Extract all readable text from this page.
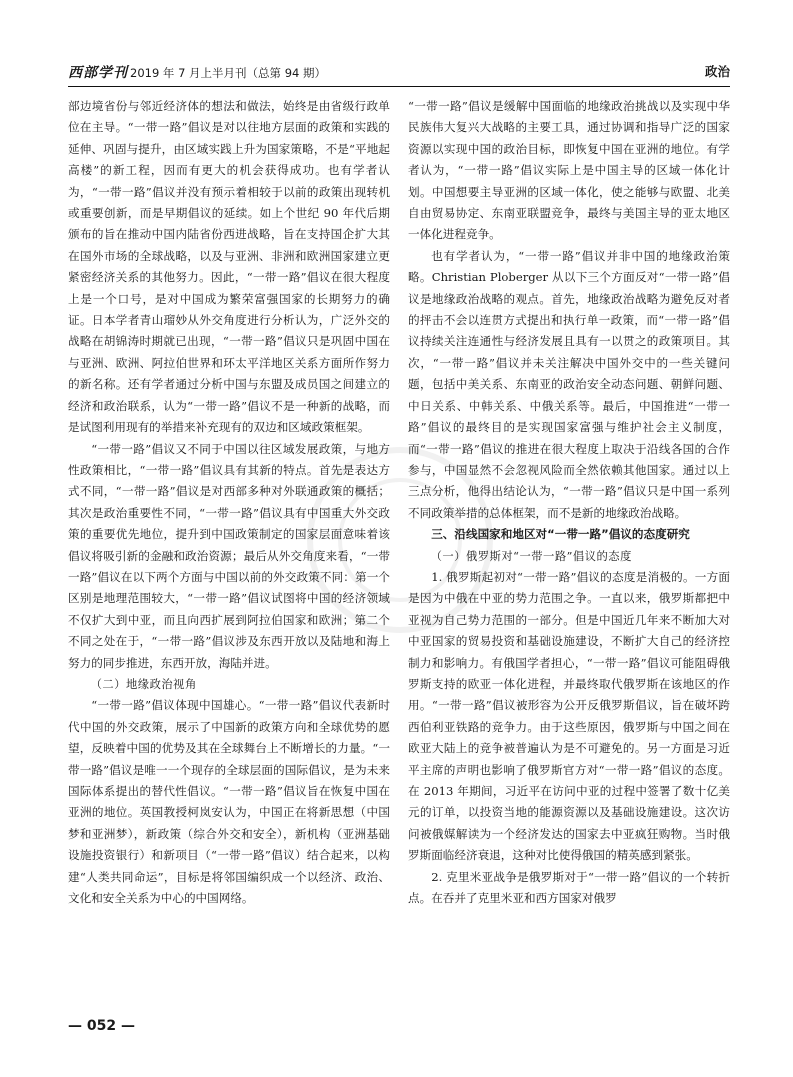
西部学刊 2019 年 7 月上半月刊（总第 94 期）	政治

部边境省份与邻近经济体的想法和做法，始终是由省级行政单位在主导。“一带一路”倡议是对以往地方层面的政策和实践的延伸、巩固与提升，由区域实践上升为国家策略，不是“平地起高楼”的新工程，因而有更大的机会获得成功。也有学者认为，“一带一路”倡议并没有预示着相较于以前的政策出现转机或重要创新，而是早期倡议的延续。如上个世纪 90 年代后期颁布的旨在推动中国内陆省份西进战略，旨在支持国企扩大其在国外市场的全球战略，以及与亚洲、非洲和欧洲国家建立更紧密经济关系的其他努力。因此，“一带一路”倡议在很大程度上是一个口号，是对中国成为繁荣富强国家的长期努力的确证。日本学者青山瑠妙从外交角度进行分析认为，广泛外交的战略在胡锦涛时期就已出现，“一带一路”倡议只是巩固中国在与亚洲、欧洲、阿拉伯世界和环太平洋地区关系方面所作努力的新名称。还有学者通过分析中国与东盟及成员国之间建立的经济和政治联系，认为“一带一路”倡议不是一种新的战略，而是试图利用现有的举措来补充现有的双边和区域政策框架。

“一带一路”倡议又不同于中国以往区域发展政策，与地方性政策相比，“一带一路”倡议具有其新的特点。首先是表达方式不同，“一带一路”倡议是对西部多种对外联通政策的概括；其次是政治重要性不同，“一带一路”倡议具有中国重大外交政策的重要优先地位，提升到中国政策制定的国家层面意味着该倡议将吸引新的金融和政治资源；最后从外交角度来看，“一带一路”倡议在以下两个方面与中国以前的外交政策不同：第一个区别是地理范围较大，“一带一路”倡议试图将中国的经济领域不仅扩大到中亚，而且向西扩展到阿拉伯国家和欧洲；第二个不同之处在于，“一带一路”倡议涉及东西开放以及陆地和海上努力的同步推进，东西开放，海陆并进。

（二）地缘政治视角

“一带一路”倡议体现中国雄心。“一带一路”倡议代表新时代中国的外交政策，展示了中国新的政策方向和全球优势的愿望，反映着中国的优势及其在全球舞台上不断增长的力量。“一带一路”倡议是唯一一个现存的全球层面的国际倡议，是为未来国际体系提出的替代性倡议。“一带一路”倡议旨在恢复中国在亚洲的地位。英国教授柯岚安认为，中国正在将新思想（中国梦和亚洲梦），新政策（综合外交和安全），新机构（亚洲基础设施投资银行）和新项目（“一带一路”倡议）结合起来，以构建“人类共同命运”，目标是将邻国编织成一个以经济、政治、文化和安全关系为中心的中国网络。

“一带一路”倡议是缓解中国面临的地缘政治挑战以及实现中华民族伟大复兴大战略的主要工具，通过协调和指导广泛的国家资源以实现中国的政治目标，即恢复中国在亚洲的地位。有学者认为，“一带一路”倡议实际上是中国主导的区域一体化计划。中国想要主导亚洲的区域一体化，使之能够与欧盟、北美自由贸易协定、东南亚联盟竞争，最终与美国主导的亚太地区一体化进程竞争。

也有学者认为，“一带一路”倡议并非中国的地缘政治策略。Christian Ploberger 从以下三个方面反对“一带一路”倡议是地缘政治战略的观点。首先，地缘政治战略为避免反对者的抨击不会以连贯方式提出和执行单一政策，而“一带一路”倡议持续关注连通性与经济发展且具有一以贯之的政策项目。其次，“一带一路”倡议并未关注解决中国外交中的一些关键问题，包括中美关系、东南亚的政治安全动态问题、朝鲜问题、中日关系、中韩关系、中俄关系等。最后，中国推进“一带一路”倡议的最终目的是实现国家富强与维护社会主义制度，而“一带一路”倡议的推进在很大程度上取决于沿线各国的合作参与，中国显然不会忽视风险而全然依赖其他国家。通过以上三点分析，他得出结论认为，“一带一路”倡议只是中国一系列不同政策举措的总体框架，而不是新的地缘政治战略。

三、沿线国家和地区对“一带一路”倡议的态度研究

（一）俄罗斯对“一带一路”倡议的态度

1. 俄罗斯起初对“一带一路”倡议的态度是消极的。一方面是因为中俄在中亚的势力范围之争。一直以来，俄罗斯都把中亚视为自己势力范围的一部分。但是中国近几年来不断加大对中亚国家的贸易投资和基础设施建设，不断扩大自己的经济控制力和影响力。有俄国学者担心，“一带一路”倡议可能阻碍俄罗斯支持的欧亚一体化进程，并最终取代俄罗斯在该地区的作用。“一带一路”倡议被形容为公开反俄罗斯倡议，旨在破坏跨西伯利亚铁路的竞争力。由于这些原因，俄罗斯与中国之间在欧亚大陆上的竞争被普遍认为是不可避免的。另一方面是习近平主席的声明也影响了俄罗斯官方对“一带一路”倡议的态度。在 2013 年期间，习近平在访问中亚的过程中签署了数十亿美元的订单，以投资当地的能源资源以及基础设施建设。这次访问被俄媒解读为一个经济发达的国家去中亚疯狂购物。当时俄罗斯面临经济衰退，这种对比使得俄国的精英感到紧张。

2. 克里米亚战争是俄罗斯对于“一带一路”倡议的一个转折点。在吞并了克里米亚和西方国家对俄罗

— 052 —
